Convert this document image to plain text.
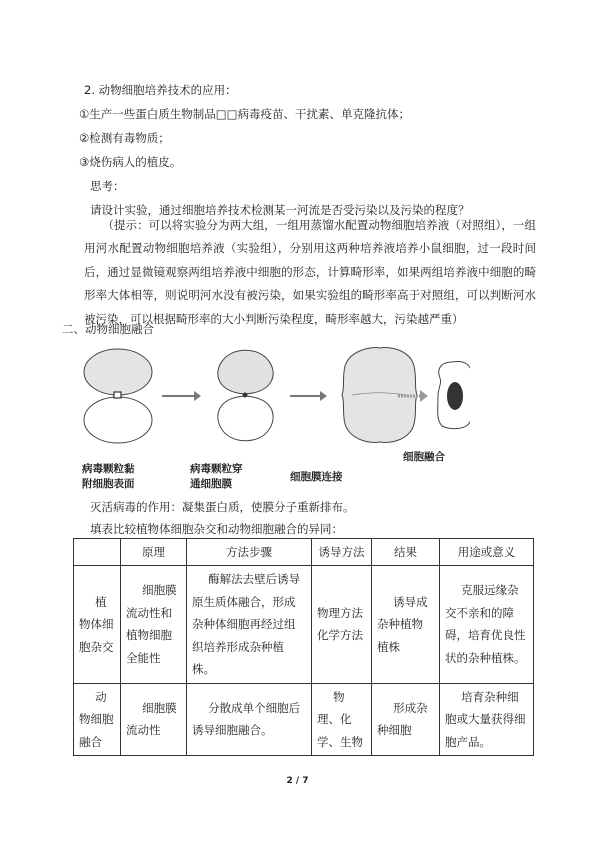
2. 动物细胞培养技术的应用：
①生产一些蛋白质生物制品□□病毒疫苗、干扰素、单克隆抗体；
②检测有毒物质；
③烧伤病人的植皮。
思考：
请设计实验，通过细胞培养技术检测某一河流是否受污染以及污染的程度？
（提示：可以将实验分为两大组，一组用蒸馏水配置动物细胞培养液（对照组），一组用河水配置动物细胞培养液（实验组），分别用这两种培养液培养小鼠细胞，过一段时间后，通过显微镜观察两组培养液中细胞的形态，计算畸形率，如果两组培养液中细胞的畸形率大体相等，则说明河水没有被污染，如果实验组的畸形率高于对照组，可以判断河水被污染，可以根据畸形率的大小判断污染程度，畸形率越大，污染越严重）
二、动物细胞融合
病毒颗粒黏
附细胞表面
病毒颗粒穿
通细胞膜
细胞膜连接
细胞融合
灭活病毒的作用：凝集蛋白质，使膜分子重新排布。
填表比较植物体细胞杂交和动物细胞融合的异同：
	原理	方法步骤	诱导方法	结果	用途或意义
植物体细胞杂交	细胞膜流动性和植物细胞全能性	酶解法去壁后诱导原生质体融合，形成杂种体细胞再经过组织培养形成杂种植株。	物理方法化学方法	诱导成杂种植物植株	克服远缘杂交不亲和的障碍，培育优良性状的杂种植株。
动物细胞融合	细胞膜流动性	分散成单个细胞后诱导细胞融合。	物理、化学、生物	形成杂种细胞	培育杂种细胞或大量获得细胞产品。
2 / 7
